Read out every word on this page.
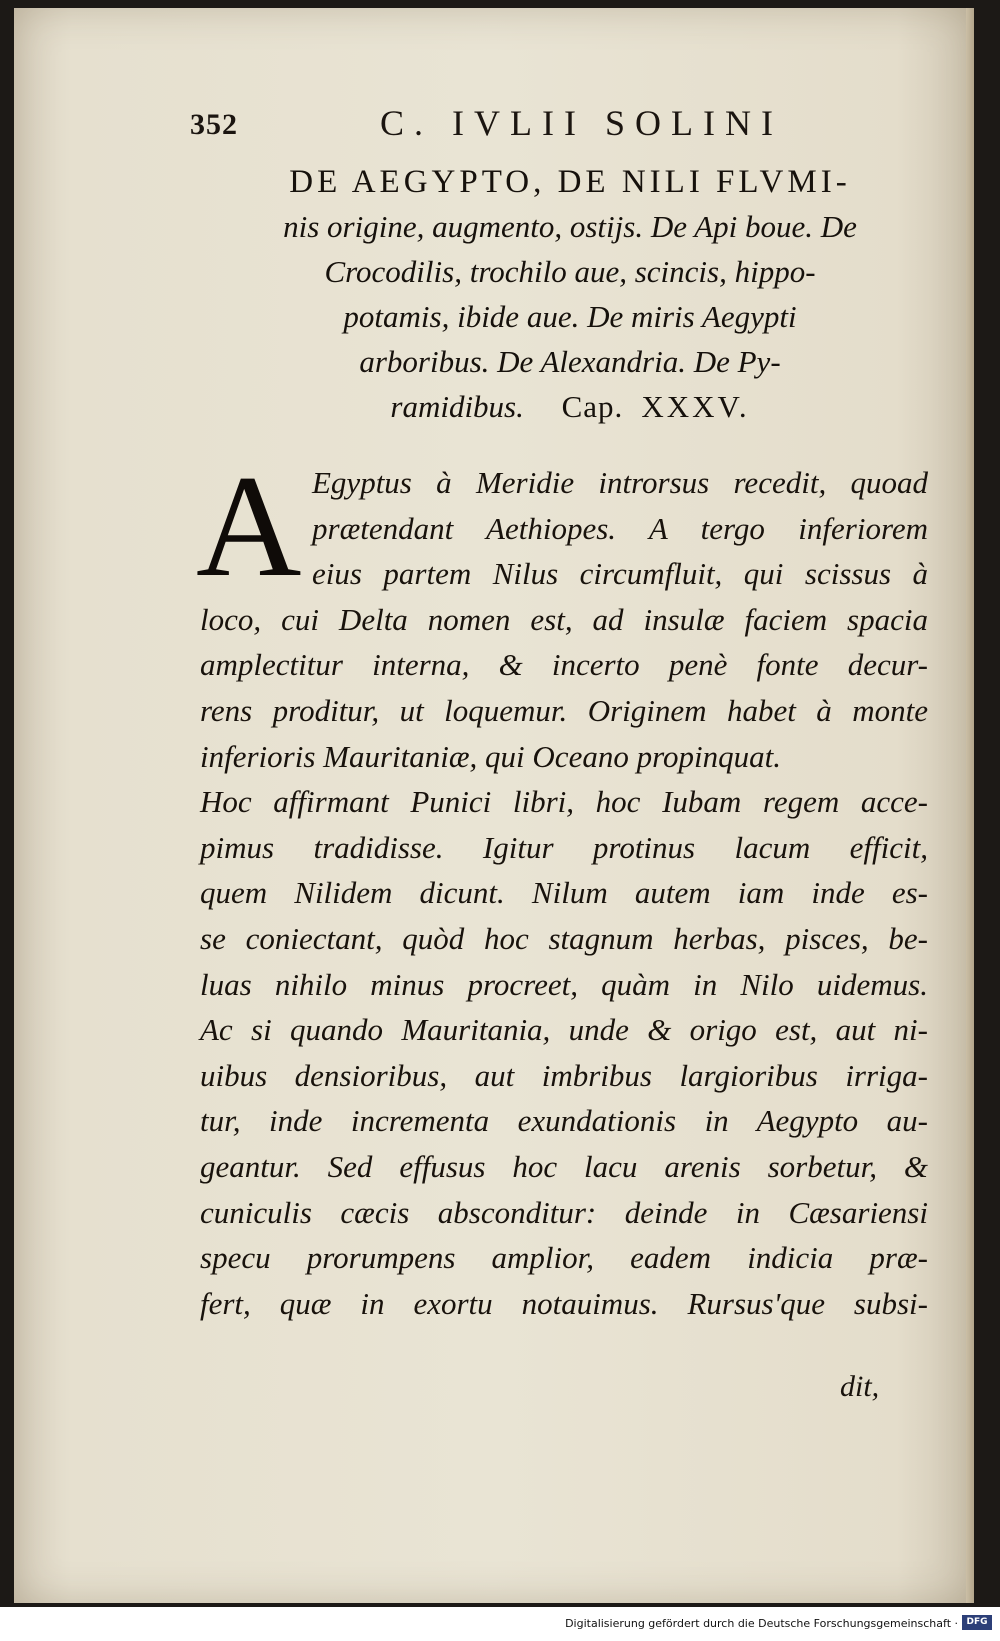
352	C. IVLII SOLINI
DE AEGYPTO, DE NILI FLVMI-
nis origine, augmento, ostijs. De Api boue. De
Crocodilis, trochilo aue, scincis, hippo-
potamis, ibide aue. De miris Aegypti
arboribus. De Alexandria. De Py-
ramidibus. Cap. XXXV.
A Egyptus à Meridie introrsus recedit, quoad
prætendant Aethiopes. A tergo inferiorem
eius partem Nilus circumfluit, qui scissus à
loco, cui Delta nomen est, ad insulæ faciem spacia
amplectitur interna, & incerto penè fonte decur-
rens proditur, ut loquemur. Originem habet à monte
inferioris Mauritaniæ, qui Oceano propinquat.
Hoc affirmant Punici libri, hoc Iubam regem acce-
pimus tradidisse. Igitur protinus lacum efficit,
quem Nilidem dicunt. Nilum autem iam inde es-
se coniectant, quòd hoc stagnum herbas, pisces, be-
luas nihilo minus procreet, quàm in Nilo uidemus.
Ac si quando Mauritania, unde & origo est, aut ni-
uibus densioribus, aut imbribus largioribus irriga-
tur, inde incrementa exundationis in Aegypto au-
geantur. Sed effusus hoc lacu arenis sorbetur, &
cuniculis cæcis absconditur: deinde in Cæsariensi
specu prorumpens amplior, eadem indicia præ-
fert, quæ in exortu notauimus. Rursus'que subsi-
dit,
Digitalisierung gefördert durch die Deutsche Forschungsgemeinschaft · DFG
